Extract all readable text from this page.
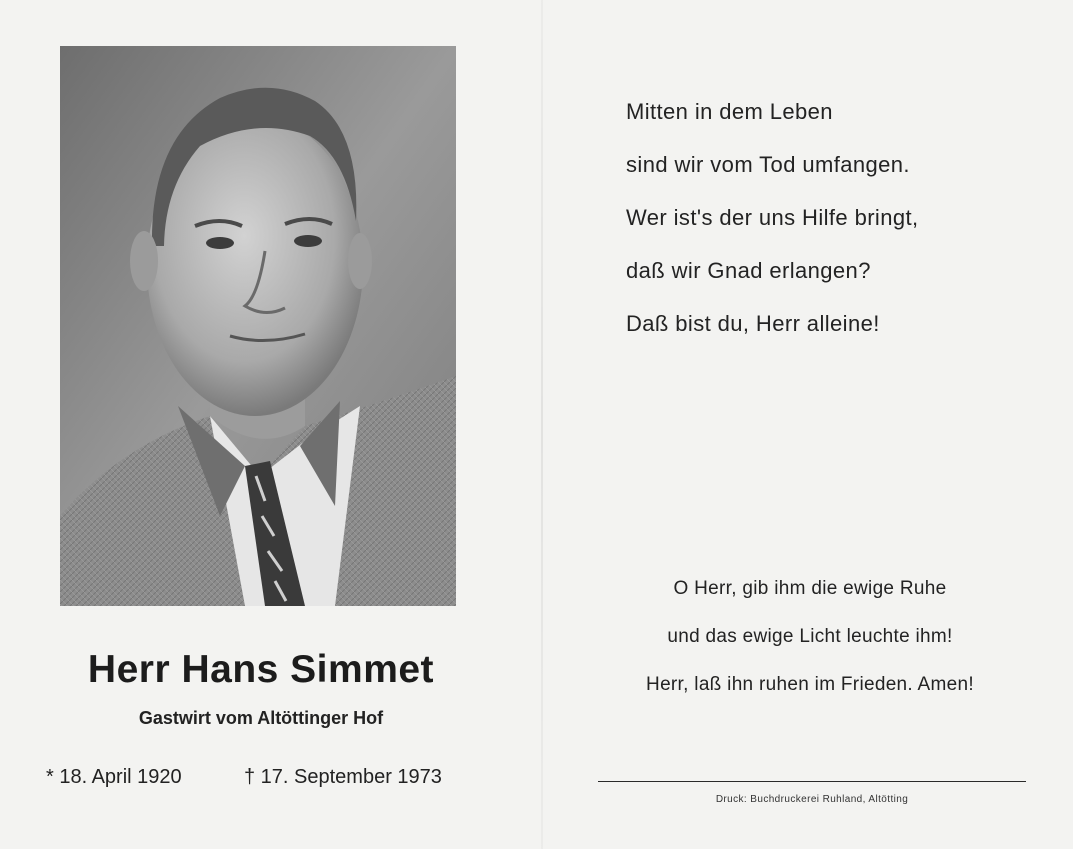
Herr Hans Simmet
Gastwirt vom Altöttinger Hof
* 18. April 1920	† 17. September 1973
Mitten in dem Leben
sind wir vom Tod umfangen.
Wer ist's der uns Hilfe bringt,
daß wir Gnad erlangen?
Daß bist du, Herr alleine!
O Herr, gib ihm die ewige Ruhe
und das ewige Licht leuchte ihm!
Herr, laß ihn ruhen im Frieden. Amen!
Druck: Buchdruckerei Ruhland, Altötting
